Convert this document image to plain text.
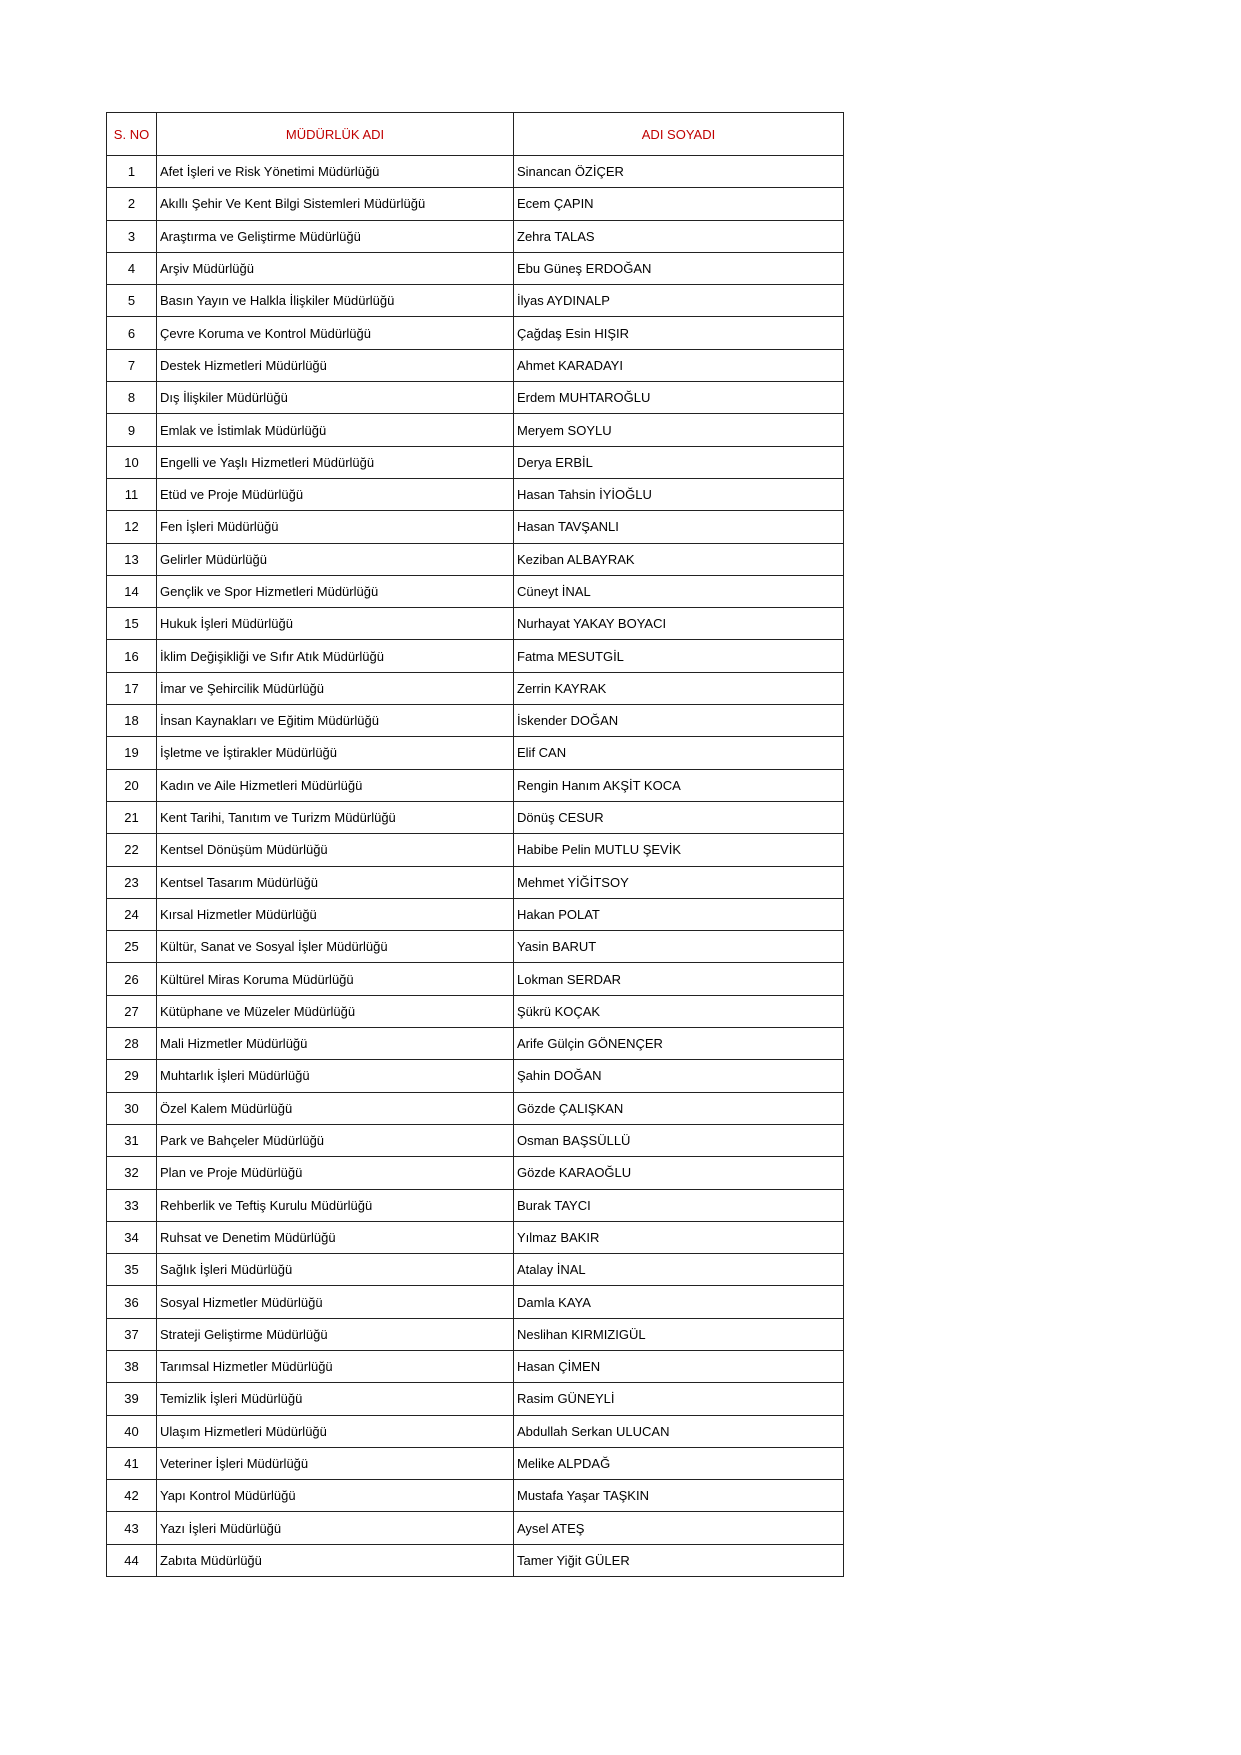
S. NO	MÜDÜRLÜK ADI	ADI SOYADI
1	Afet İşleri ve Risk Yönetimi Müdürlüğü	Sinancan ÖZİÇER
2	Akıllı Şehir Ve Kent Bilgi Sistemleri Müdürlüğü	Ecem ÇAPIN
3	Araştırma ve Geliştirme Müdürlüğü	Zehra TALAS
4	Arşiv Müdürlüğü	Ebu Güneş ERDOĞAN
5	Basın Yayın ve Halkla İlişkiler Müdürlüğü	İlyas AYDINALP
6	Çevre Koruma ve Kontrol Müdürlüğü	Çağdaş Esin HIŞIR
7	Destek Hizmetleri Müdürlüğü	Ahmet KARADAYI
8	Dış İlişkiler Müdürlüğü	Erdem MUHTAROĞLU
9	Emlak ve İstimlak Müdürlüğü	Meryem SOYLU
10	Engelli ve Yaşlı Hizmetleri Müdürlüğü	Derya ERBİL
11	Etüd ve Proje Müdürlüğü	Hasan Tahsin İYİOĞLU
12	Fen İşleri Müdürlüğü	Hasan TAVŞANLI
13	Gelirler Müdürlüğü	Keziban ALBAYRAK
14	Gençlik ve Spor Hizmetleri Müdürlüğü	Cüneyt İNAL
15	Hukuk İşleri Müdürlüğü	Nurhayat YAKAY BOYACI
16	İklim Değişikliği ve Sıfır Atık Müdürlüğü	Fatma MESUTGİL
17	İmar ve Şehircilik Müdürlüğü	Zerrin KAYRAK
18	İnsan Kaynakları ve Eğitim Müdürlüğü	İskender DOĞAN
19	İşletme ve İştirakler Müdürlüğü	Elif CAN
20	Kadın ve Aile Hizmetleri Müdürlüğü	Rengin Hanım AKŞİT KOCA
21	Kent Tarihi, Tanıtım ve Turizm Müdürlüğü	Dönüş CESUR
22	Kentsel Dönüşüm Müdürlüğü	Habibe Pelin MUTLU ŞEVİK
23	Kentsel Tasarım Müdürlüğü	Mehmet YİĞİTSOY
24	Kırsal Hizmetler Müdürlüğü	Hakan POLAT
25	Kültür, Sanat ve Sosyal İşler Müdürlüğü	Yasin BARUT
26	Kültürel Miras Koruma Müdürlüğü	Lokman SERDAR
27	Kütüphane ve Müzeler Müdürlüğü	Şükrü KOÇAK
28	Mali Hizmetler Müdürlüğü	Arife Gülçin GÖNENÇER
29	Muhtarlık İşleri Müdürlüğü	Şahin DOĞAN
30	Özel Kalem Müdürlüğü	Gözde ÇALIŞKAN
31	Park ve Bahçeler Müdürlüğü	Osman BAŞSÜLLÜ
32	Plan ve Proje Müdürlüğü	Gözde KARAOĞLU
33	Rehberlik ve Teftiş Kurulu Müdürlüğü	Burak TAYCI
34	Ruhsat ve Denetim Müdürlüğü	Yılmaz BAKIR
35	Sağlık İşleri Müdürlüğü	Atalay İNAL
36	Sosyal Hizmetler Müdürlüğü	Damla KAYA
37	Strateji Geliştirme Müdürlüğü	Neslihan KIRMIZIGÜL
38	Tarımsal Hizmetler Müdürlüğü	Hasan ÇİMEN
39	Temizlik İşleri Müdürlüğü	Rasim GÜNEYLİ
40	Ulaşım Hizmetleri Müdürlüğü	Abdullah Serkan ULUCAN
41	Veteriner İşleri Müdürlüğü	Melike ALPDAĞ
42	Yapı Kontrol Müdürlüğü	Mustafa Yaşar TAŞKIN
43	Yazı İşleri Müdürlüğü	Aysel ATEŞ
44	Zabıta Müdürlüğü	Tamer Yiğit GÜLER
